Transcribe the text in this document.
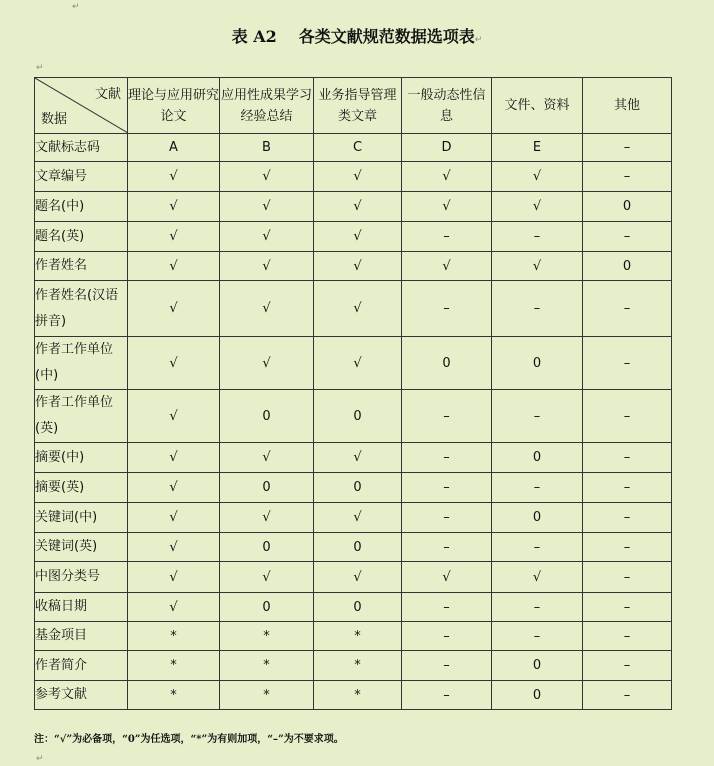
↵
表 A2 各类文献规范数据选项表↵
↵
文献
数据	理论与应用研究论文	应用性成果学习经验总结	业务指导管理类文章	一般动态性信息	文件、资料	其他
文献标志码	A	B	C	D	E	–
文章编号	√	√	√	√	√	–
题名(中)	√	√	√	√	√	0
题名(英)	√	√	√	–	–	–
作者姓名	√	√	√	√	√	0
作者姓名(汉语拼音)	√	√	√	–	–	–
作者工作单位(中)	√	√	√	0	0	–
作者工作单位(英)	√	0	0	–	–	–
摘要(中)	√	√	√	–	0	–
摘要(英)	√	0	0	–	–	–
关键词(中)	√	√	√	–	0	–
关键词(英)	√	0	0	–	–	–
中图分类号	√	√	√	√	√	–
收稿日期	√	0	0	–	–	–
基金项目	*	*	*	–	–	–
作者简介	*	*	*	–	0	–
参考文献	*	*	*	–	0	–
注：“√”为必备项，“0”为任选项，“*”为有则加项，“–”为不要求项。
↵
